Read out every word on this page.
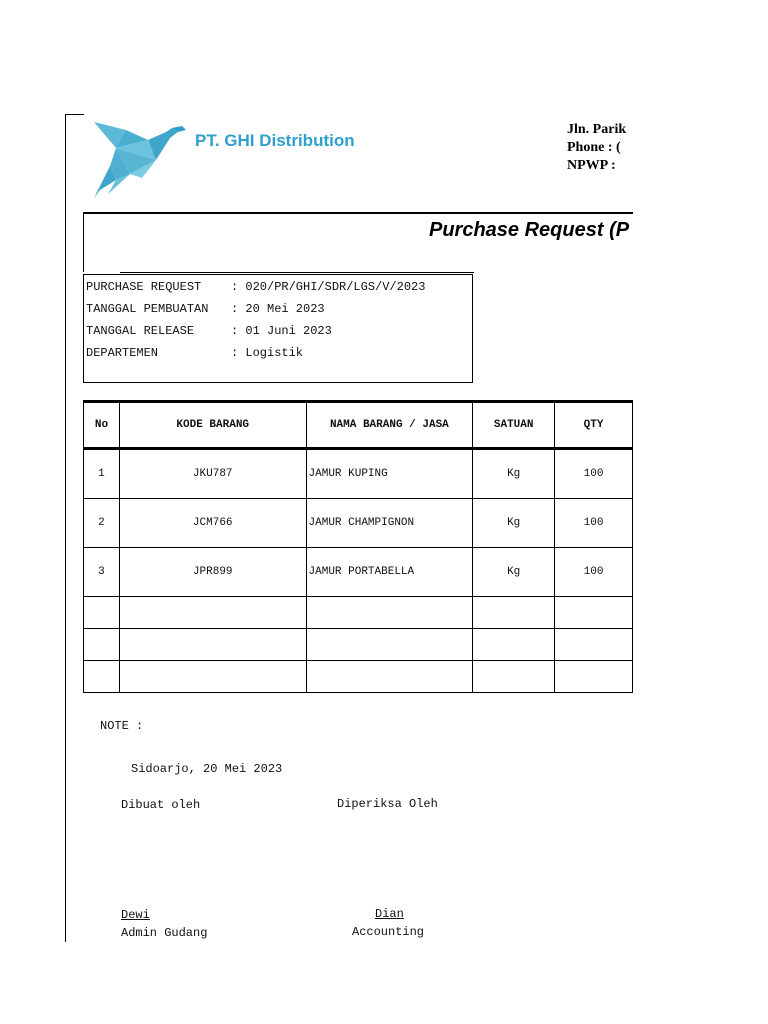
PT. GHI Distribution
Jln. Parik
Phone : (
NPWP :
Purchase Request (P
PURCHASE REQUEST : 020/PR/GHI/SDR/LGS/V/2023
TANGGAL PEMBUATAN : 20 Mei 2023
TANGGAL RELEASE	: 01 Juni 2023
DEPARTEMEN	: Logistik
No	KODE BARANG	NAMA BARANG / JASA	SATUAN	QTY
1	JKU787	JAMUR KUPING	Kg	100
2	JCM766	JAMUR CHAMPIGNON	Kg	100
3	JPR899	JAMUR PORTABELLA	Kg	100

NOTE :
Sidoarjo, 20 Mei 2023
Dibuat oleh	Diperiksa Oleh
Dewi
Admin Gudang
Dian
Accounting
